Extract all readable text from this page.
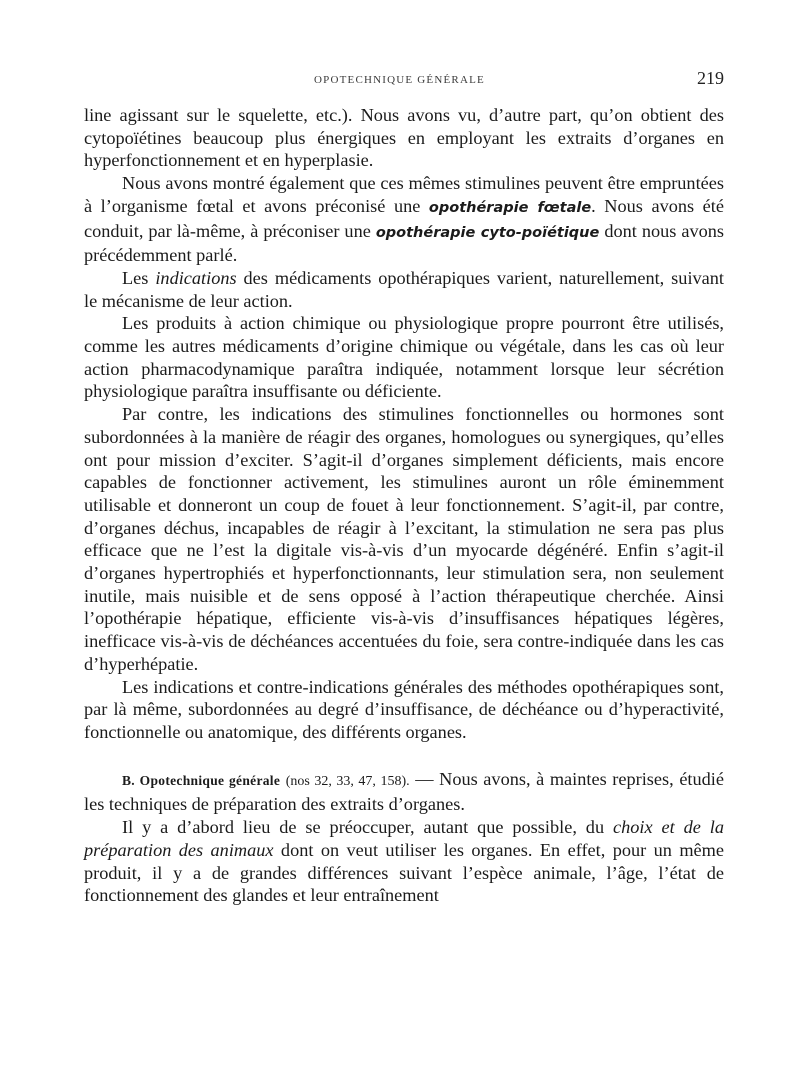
OPOTECHNIQUE GÉNÉRALE	219

line agissant sur le squelette, etc.). Nous avons vu, d’autre part, qu’on obtient des cytopoïétines beaucoup plus énergiques en employant les extraits d’organes en hyperfonctionnement et en hyperplasie.

Nous avons montré également que ces mêmes stimulines peuvent être empruntées à l’organisme fœtal et avons préconisé une opothérapie fœtale. Nous avons été conduit, par là-même, à préconiser une opothérapie cyto-poïétique dont nous avons précédemment parlé.

Les indications des médicaments opothérapiques varient, naturellement, suivant le mécanisme de leur action.

Les produits à action chimique ou physiologique propre pourront être utilisés, comme les autres médicaments d’origine chimique ou végétale, dans les cas où leur action pharmacodynamique paraîtra indiquée, notamment lorsque leur sécrétion physiologique paraîtra insuffisante ou déficiente.

Par contre, les indications des stimulines fonctionnelles ou hormones sont subordonnées à la manière de réagir des organes, homologues ou synergiques, qu’elles ont pour mission d’exciter. S’agit-il d’organes simplement déficients, mais encore capables de fonctionner activement, les stimulines auront un rôle éminemment utilisable et donneront un coup de fouet à leur fonctionnement. S’agit-il, par contre, d’organes déchus, incapables de réagir à l’excitant, la stimulation ne sera pas plus efficace que ne l’est la digitale vis-à-vis d’un myocarde dégénéré. Enfin s’agit-il d’organes hypertrophiés et hyperfonctionnants, leur stimulation sera, non seulement inutile, mais nuisible et de sens opposé à l’action thérapeutique cherchée. Ainsi l’opothérapie hépatique, efficiente vis-à-vis d’insuffisances hépatiques légères, inefficace vis-à-vis de déchéances accentuées du foie, sera contre-indiquée dans les cas d’hyperhépatie.

Les indications et contre-indications générales des méthodes opothérapiques sont, par là même, subordonnées au degré d’insuffisance, de déchéance ou d’hyperactivité, fonctionnelle ou anatomique, des différents organes.

B. Opotechnique générale (nos 32, 33, 47, 158). — Nous avons, à maintes reprises, étudié les techniques de préparation des extraits d’organes.

Il y a d’abord lieu de se préoccuper, autant que possible, du choix et de la préparation des animaux dont on veut utiliser les organes. En effet, pour un même produit, il y a de grandes différences suivant l’espèce animale, l’âge, l’état de fonctionnement des glandes et leur entraînement
